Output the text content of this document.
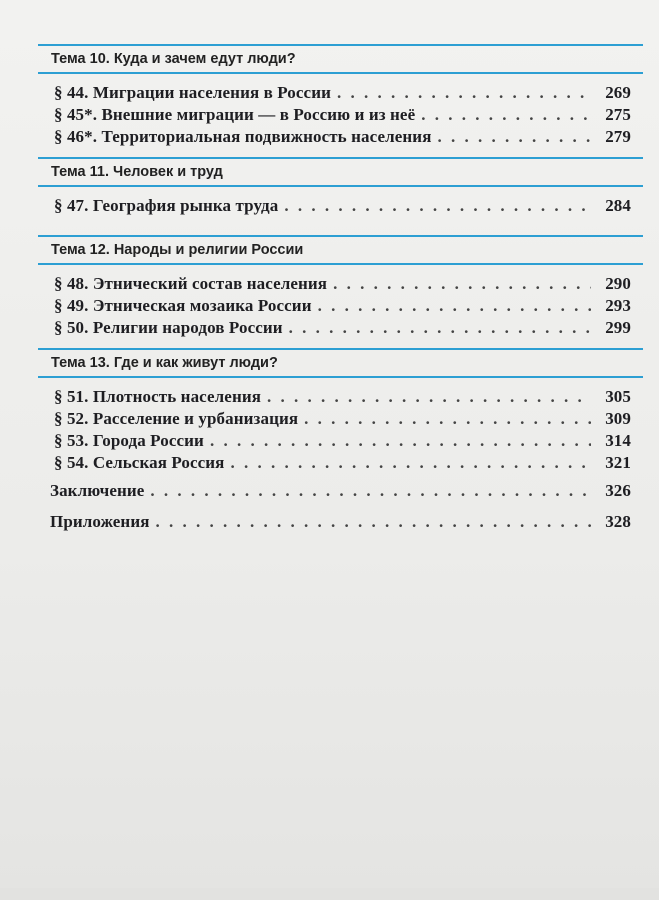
Тема 10. Куда и зачем едут люди?
§ 44. Миграции населения в России . . .	269
§ 45*. Внешние миграции — в Россию и из неё . . .	275
§ 46*. Территориальная подвижность населения . . .	279
Тема 11. Человек и труд
§ 47. География рынка труда . . .	284
Тема 12. Народы и религии России
§ 48. Этнический состав населения . . .	290
§ 49. Этническая мозаика России . . .	293
§ 50. Религии народов России . . .	299
Тема 13. Где и как живут люди?
§ 51. Плотность населения . . .	305
§ 52. Расселение и урбанизация . . .	309
§ 53. Города России . . .	314
§ 54. Сельская Россия . . .	321
Заключение . . .	326
Приложения . . .	328
